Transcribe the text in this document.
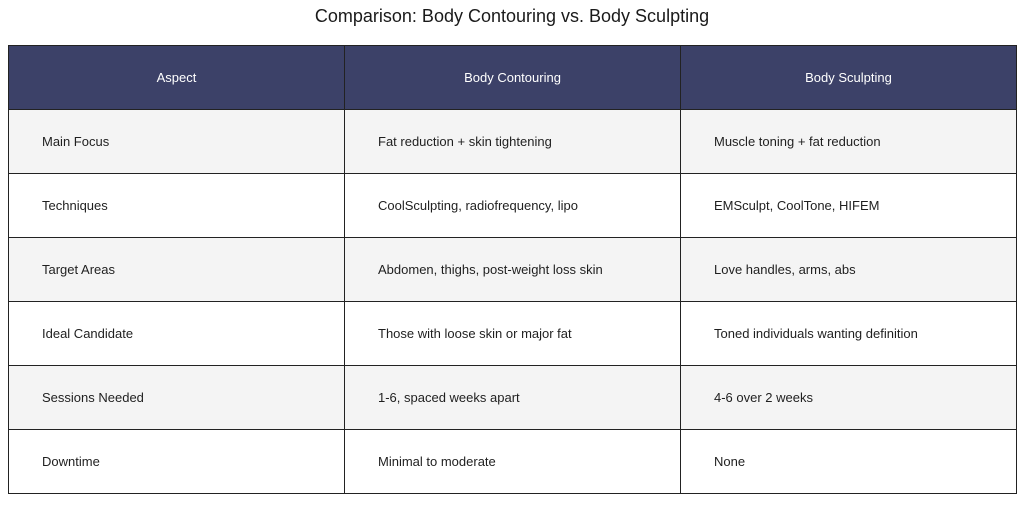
Comparison: Body Contouring vs. Body Sculpting
Aspect	Body Contouring	Body Sculpting
Main Focus	Fat reduction + skin tightening	Muscle toning + fat reduction
Techniques	CoolSculpting, radiofrequency, lipo	EMSculpt, CoolTone, HIFEM
Target Areas	Abdomen, thighs, post-weight loss skin	Love handles, arms, abs
Ideal Candidate	Those with loose skin or major fat	Toned individuals wanting definition
Sessions Needed	1-6, spaced weeks apart	4-6 over 2 weeks
Downtime	Minimal to moderate	None
